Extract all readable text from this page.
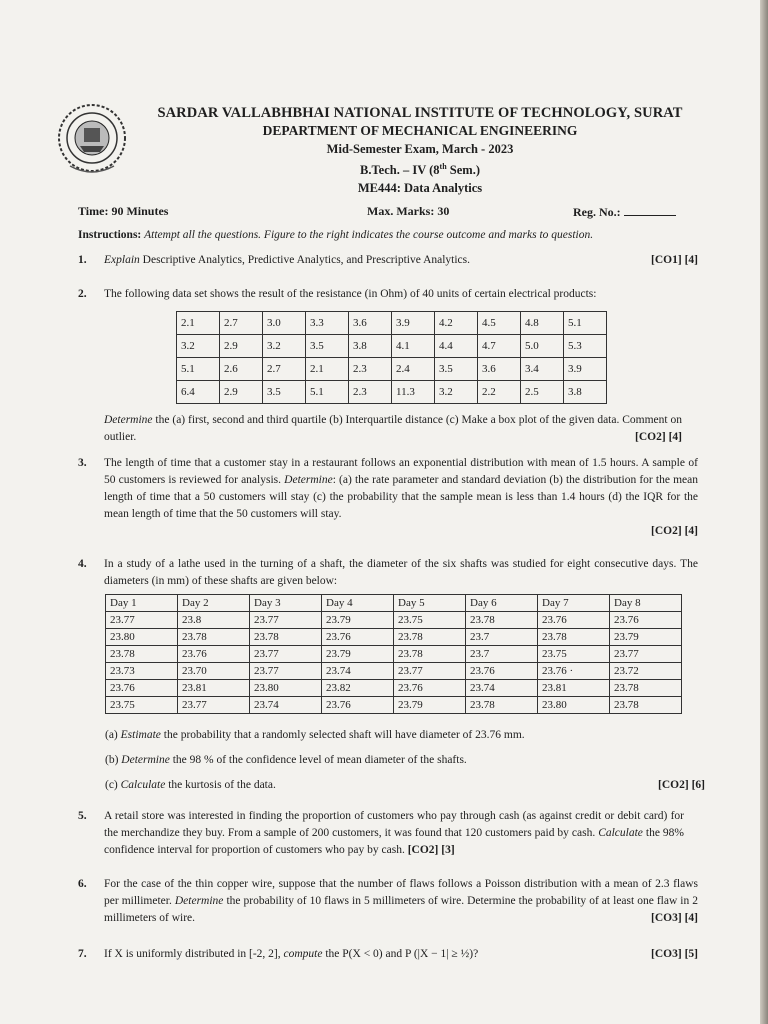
SARDAR VALLABHBHAI NATIONAL INSTITUTE OF TECHNOLOGY, SURAT
DEPARTMENT OF MECHANICAL ENGINEERING
Mid-Semester Exam, March - 2023
B.Tech. – IV (8th Sem.)
ME444: Data Analytics
Time: 90 Minutes	Max. Marks: 30	Reg. No.:
Instructions: Attempt all the questions. Figure to the right indicates the course outcome and marks to question.
1. Explain Descriptive Analytics, Predictive Analytics, and Prescriptive Analytics.	[CO1] [4]
2. The following data set shows the result of the resistance (in Ohm) of 40 units of certain electrical products:
2.1	2.7	3.0	3.3	3.6	3.9	4.2	4.5	4.8	5.1
3.2	2.9	3.2	3.5	3.8	4.1	4.4	4.7	5.0	5.3
5.1	2.6	2.7	2.1	2.3	2.4	3.5	3.6	3.4	3.9
6.4	2.9	3.5	5.1	2.3	11.3	3.2	2.2	2.5	3.8
Determine the (a) first, second and third quartile (b) Interquartile distance (c) Make a box plot of the given data. Comment on outlier.	[CO2] [4]
3. The length of time that a customer stay in a restaurant follows an exponential distribution with mean of 1.5 hours. A sample of 50 customers is reviewed for analysis. Determine: (a) the rate parameter and standard deviation (b) the distribution for the mean length of time that a 50 customers will stay (c) the probability that the sample mean is less than 1.4 hours (d) the IQR for the mean length of time that the 50 customers will stay.
[CO2] [4]
4. In a study of a lathe used in the turning of a shaft, the diameter of the six shafts was studied for eight consecutive days. The diameters (in mm) of these shafts are given below:
Day 1	Day 2	Day 3	Day 4	Day 5	Day 6	Day 7	Day 8
23.77	23.8	23.77	23.79	23.75	23.78	23.76	23.76
23.80	23.78	23.78	23.76	23.78	23.7	23.78	23.79
23.78	23.76	23.77	23.79	23.78	23.7	23.75	23.77
23.73	23.70	23.77	23.74	23.77	23.76	23.76 ·	23.72
23.76	23.81	23.80	23.82	23.76	23.74	23.81	23.78
23.75	23.77	23.74	23.76	23.79	23.78	23.80	23.78
(a) Estimate the probability that a randomly selected shaft will have diameter of 23.76 mm.
(b) Determine the 98 % of the confidence level of mean diameter of the shafts.
(c) Calculate the kurtosis of the data.	[CO2] [6]
5. A retail store was interested in finding the proportion of customers who pay through cash (as against credit or debit card) for the merchandize they buy. From a sample of 200 customers, it was found that 120 customers paid by cash. Calculate the 98% confidence interval for proportion of customers who pay by cash. [CO2] [3]
6. For the case of the thin copper wire, suppose that the number of flaws follows a Poisson distribution with a mean of 2.3 flaws per millimeter. Determine the probability of 10 flaws in 5 millimeters of wire. Determine the probability of at least one flaw in 2 millimeters of wire.	[CO3] [4]
7. If X is uniformly distributed in [-2, 2], compute the P(X < 0) and P (|X − 1| ≥ ½)?	[CO3] [5]
